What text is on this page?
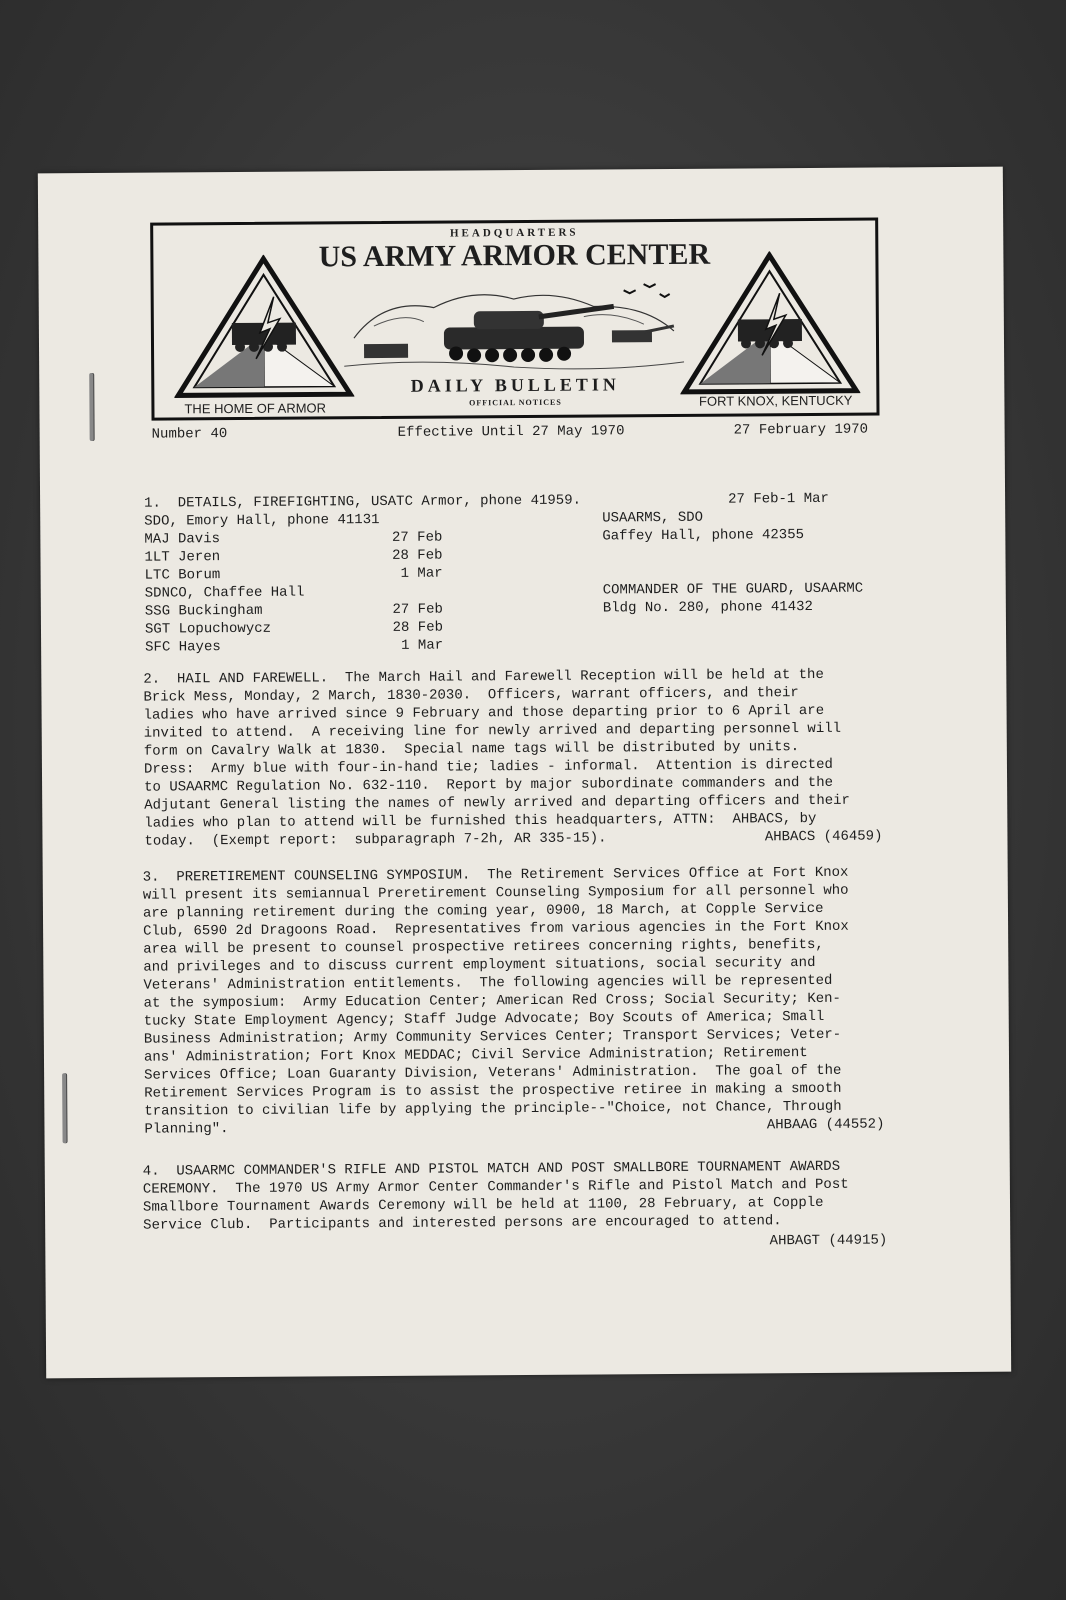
HEADQUARTERS
US ARMY ARMOR CENTER
DAILY BULLETIN
OFFICIAL NOTICES
THE HOME OF ARMOR	FORT KNOX, KENTUCKY
Number 40	Effective Until 27 May 1970	27 February 1970
1.  DETAILS, FIREFIGHTING, USATC Armor, phone 41959.	27 Feb-1 Mar
SDO, Emory Hall, phone 41131
MAJ Davis	27 Feb
1LT Jeren	28 Feb
LTC Borum	1 Mar
SDNCO, Chaffee Hall
SSG Buckingham	27 Feb
SGT Lopuchowycz	28 Feb
SFC Hayes	1 Mar
USAARMS, SDO
Gaffey Hall, phone 42355
COMMANDER OF THE GUARD, USAARMC
Bldg No. 280, phone 41432
2.  HAIL AND FAREWELL.  The March Hail and Farewell Reception will be held at the
Brick Mess, Monday, 2 March, 1830-2030.  Officers, warrant officers, and their
ladies who have arrived since 9 February and those departing prior to 6 April are
invited to attend.  A receiving line for newly arrived and departing personnel will
form on Cavalry Walk at 1830.  Special name tags will be distributed by units.
Dress:  Army blue with four-in-hand tie; ladies - informal.  Attention is directed
to USAARMC Regulation No. 632-110.  Report by major subordinate commanders and the
Adjutant General listing the names of newly arrived and departing officers and their
ladies who plan to attend will be furnished this headquarters, ATTN:  AHBACS, by
today.  (Exempt report:  subparagraph 7-2h, AR 335-15).	AHBACS (46459)
3.  PRERETIREMENT COUNSELING SYMPOSIUM.  The Retirement Services Office at Fort Knox
will present its semiannual Preretirement Counseling Symposium for all personnel who
are planning retirement during the coming year, 0900, 18 March, at Copple Service
Club, 6590 2d Dragoons Road.  Representatives from various agencies in the Fort Knox
area will be present to counsel prospective retirees concerning rights, benefits,
and privileges and to discuss current employment situations, social security and
Veterans' Administration entitlements.  The following agencies will be represented
at the symposium:  Army Education Center; American Red Cross; Social Security; Ken-
tucky State Employment Agency; Staff Judge Advocate; Boy Scouts of America; Small
Business Administration; Army Community Services Center; Transport Services; Veter-
ans' Administration; Fort Knox MEDDAC; Civil Service Administration; Retirement
Services Office; Loan Guaranty Division, Veterans' Administration.  The goal of the
Retirement Services Program is to assist the prospective retiree in making a smooth
transition to civilian life by applying the principle--"Choice, not Chance, Through
Planning".	AHBAAG (44552)
4.  USAARMC COMMANDER'S RIFLE AND PISTOL MATCH AND POST SMALLBORE TOURNAMENT AWARDS
CEREMONY.  The 1970 US Army Armor Center Commander's Rifle and Pistol Match and Post
Smallbore Tournament Awards Ceremony will be held at 1100, 28 February, at Copple
Service Club.  Participants and interested persons are encouraged to attend.
AHBAGT (44915)
